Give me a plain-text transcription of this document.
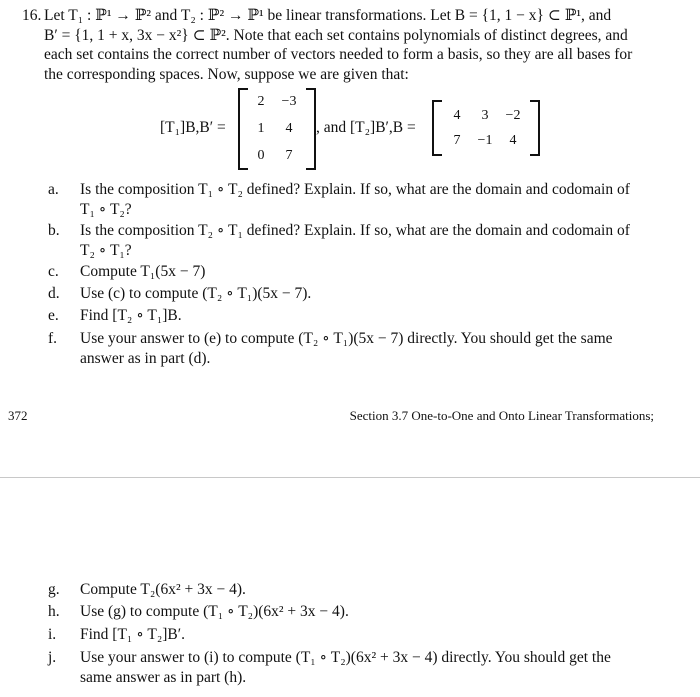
16. Let T₁ : ℙ¹ → ℙ² and T₂ : ℙ² → ℙ¹ be linear transformations. Let B = {1, 1 − x} ⊂ ℙ¹, and

B′ = {1, 1 + x, 3x − x²} ⊂ ℙ². Note that each set contains polynomials of distinct degrees, and

each set contains the correct number of vectors needed to form a basis, so they are all bases for

the corresponding spaces. Now, suppose we are given that:

[T₁]B,B′ =
2	−3
1	4
0	7
, and [T₂]B′,B =
4	3	−2
7	−1	4
a.	Is the composition T₁ ∘ T₂ defined? Explain. If so, what are the domain and codomain of
T₁ ∘ T₂?
b.	Is the composition T₂ ∘ T₁ defined? Explain. If so, what are the domain and codomain of
T₂ ∘ T₁?
c.	Compute T₁(5x − 7)
d.	Use (c) to compute (T₂ ∘ T₁)(5x − 7).
e.	Find [T₂ ∘ T₁]B.
f.	Use your answer to (e) to compute (T₂ ∘ T₁)(5x − 7) directly. You should get the same
answer as in part (d).
372	Section 3.7 One-to-One and Onto Linear Transformations;
g.	Compute T₂(6x² + 3x − 4).
h.	Use (g) to compute (T₁ ∘ T₂)(6x² + 3x − 4).
i.	Find [T₁ ∘ T₂]B′.
j.	Use your answer to (i) to compute (T₁ ∘ T₂)(6x² + 3x − 4) directly. You should get the
same answer as in part (h).
